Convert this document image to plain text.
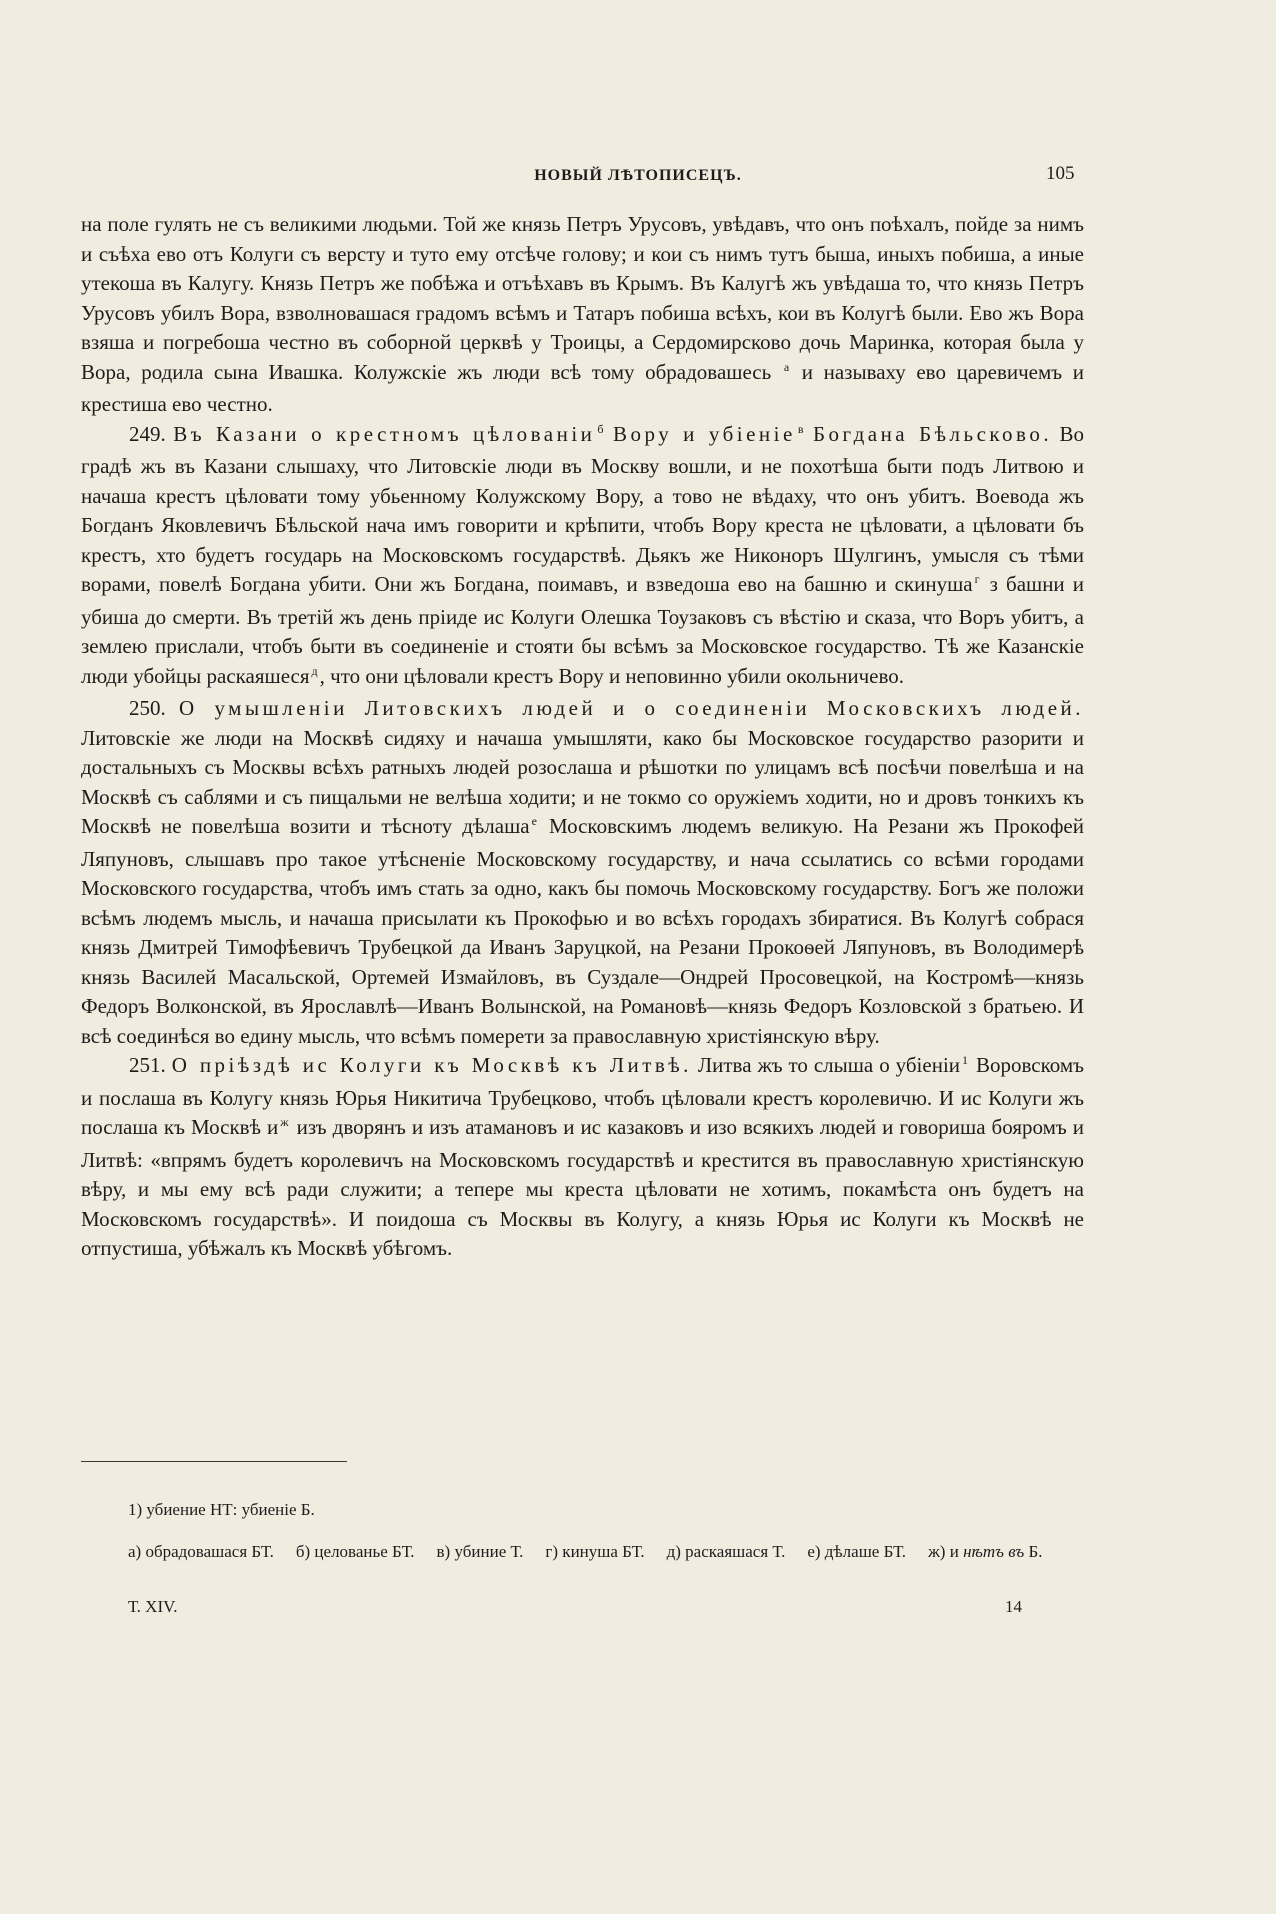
НОВЫЙ ЛѢТОПИСЕЦЪ.	105

на поле гулять не съ великими людьми. Той же князь Петръ Урусовъ, увѣдавъ, что онъ поѣхалъ, пойде за нимъ и съѣха ево отъ Колуги съ версту и туто ему отсѣче голову; и кои съ нимъ тутъ быша, иныхъ побиша, а иные утекоша въ Калугу. Князь Петръ же побѣжа и отъѣхавъ въ Крымъ. Въ Калугѣ жъ увѣдаша то, что князь Петръ Урусовъ убилъ Вора, взволновашася градомъ всѣмъ и Татаръ побиша всѣхъ, кои въ Колугѣ были. Ево жъ Вора взяша и погребоша честно въ соборной церквѣ у Троицы, а Сердомирсково дочь Маринка, которая была у Вора, родила сына Ивашка. Колужскіе жъ люди всѣ тому обрадовашесь $^а$ и называху ево царевичемъ и крестиша ево честно.

249. Въ Казани о крестномъ цѣлованіи $^б$ Вору и убіеніе $^в$ Богдана Бѣльсково. Во градѣ жъ въ Казани слышаху, что Литовскіе люди въ Москву вошли, и не похотѣша быти подъ Литвою и начаша крестъ цѣловати тому убьенному Колужскому Вору, а тово не вѣдаху, что онъ убитъ. Воевода жъ Богданъ Яковлевичъ Бѣльской нача имъ говорити и крѣпити, чтобъ Вору креста не цѣловати, а цѣловати бъ крестъ, хто будетъ государь на Московскомъ государствѣ. Дьякъ же Никоноръ Шулгинъ, умысля съ тѣми ворами, повелѣ Богдана убити. Они жъ Богдана, поимавъ, и взведоша ево на башню и скинуша $^г$ з башни и убиша до смерти. Въ третій жъ день пріиде ис Колуги Олешка Тоузаковъ съ вѣстію и сказа, что Воръ убитъ, а землею прислали, чтобъ быти въ соединеніе и стояти бы всѣмъ за Московское государство. Тѣ же Казанскіе люди убойцы раскаяшеся $^д$, что они цѣловали крестъ Вору и неповинно убили окольничево.

250. О умышленіи Литовскихъ людей и о соединеніи Московскихъ людей. Литовскіе же люди на Москвѣ сидяху и начаша умышляти, како бы Московское государство разорити и достальныхъ съ Москвы всѣхъ ратныхъ людей розослаша и рѣшотки по улицамъ всѣ посѣчи повелѣша и на Москвѣ съ саблями и съ пищальми не велѣша ходити; и не токмо со оружіемъ ходити, но и дровъ тонкихъ къ Москвѣ не повелѣша возити и тѣсноту дѣлаша $^е$ Московскимъ людемъ великую. На Резани жъ Прокофей Ляпуновъ, слышавъ про такое утѣсненіе Московскому государству, и нача ссылатись со всѣми городами Московского государства, чтобъ имъ стать за одно, какъ бы помочь Московскому государству. Богъ же положи всѣмъ людемъ мысль, и начаша присылати къ Прокофью и во всѣхъ городахъ збиратися. Въ Колугѣ собрася князь Дмитрей Тимофѣевичъ Трубецкой да Иванъ Заруцкой, на Резани Прокоѳей Ляпуновъ, въ Володимерѣ князь Василей Масальской, Ортемей Измайловъ, въ Суздале—Ондрей Просовецкой, на Костромѣ—князь Федоръ Волконской, въ Ярославлѣ—Иванъ Волынской, на Романовѣ—князь Федоръ Козловской з братьею. И всѣ соединѣся во едину мысль, что всѣмъ померети за православную христіянскую вѣру.

251. О пріѣздѣ ис Колуги къ Москвѣ къ Литвѣ. Литва жъ то слыша о убіеніи $^1$ Воровскомъ и послаша въ Колугу князь Юрья Никитича Трубецково, чтобъ цѣловали крестъ королевичю. И ис Колуги жъ послаша къ Москвѣ и $^ж$ изъ дворянъ и изъ атамановъ и ис казаковъ и изо всякихъ людей и говориша бояромъ и Литвѣ: «впрямъ будетъ королевичъ на Московскомъ государствѣ и крестится въ православную христіянскую вѣру, и мы ему всѣ ради служити; а тепере мы креста цѣловати не хотимъ, покамѣста онъ будетъ на Московскомъ государствѣ». И поидоша съ Москвы въ Колугу, а князь Юрья ис Колуги къ Москвѣ не отпустиша, убѣжалъ къ Москвѣ убѣгомъ.

1) убиение НТ: убиеніе Б.
а) обрадовашася БТ. б) целованье БТ. в) убиние Т. г) кинуша БТ. д) раскаяшася Т. е) дѣлаше БТ. ж) и нѣтъ въ Б.
Т. XIV.	14
